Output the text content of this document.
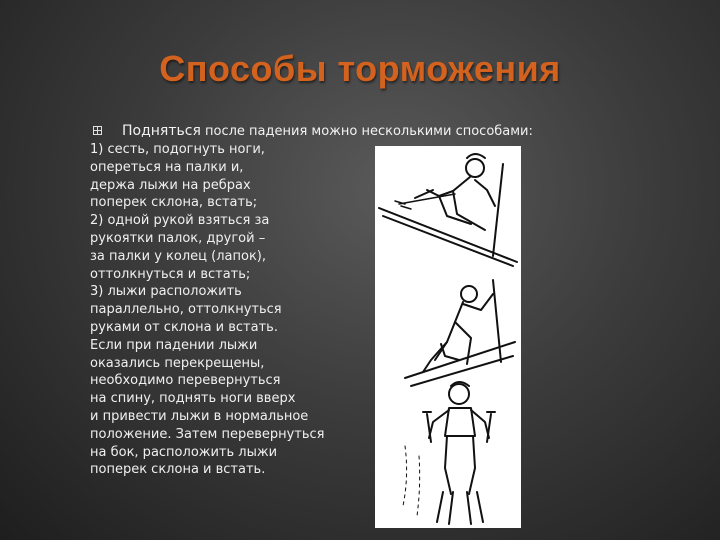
Способы торможения
Подняться после падения можно несколькими способами:
1) сесть, подогнуть ноги,
опереться на палки и,
держа лыжи на ребрах
поперек склона, встать;
2) одной рукой взяться за
рукоятки палок, другой –
за палки у колец (лапок),
оттолкнуться и встать;
3) лыжи расположить
параллельно, оттолкнуться
руками от склона и встать.
Если при падении лыжи
оказались перекрещены,
необходимо перевернуться
на спину, поднять ноги вверх
и привести лыжи в нормальное
положение. Затем перевернуться
на бок, расположить лыжи
поперек склона и встать.
